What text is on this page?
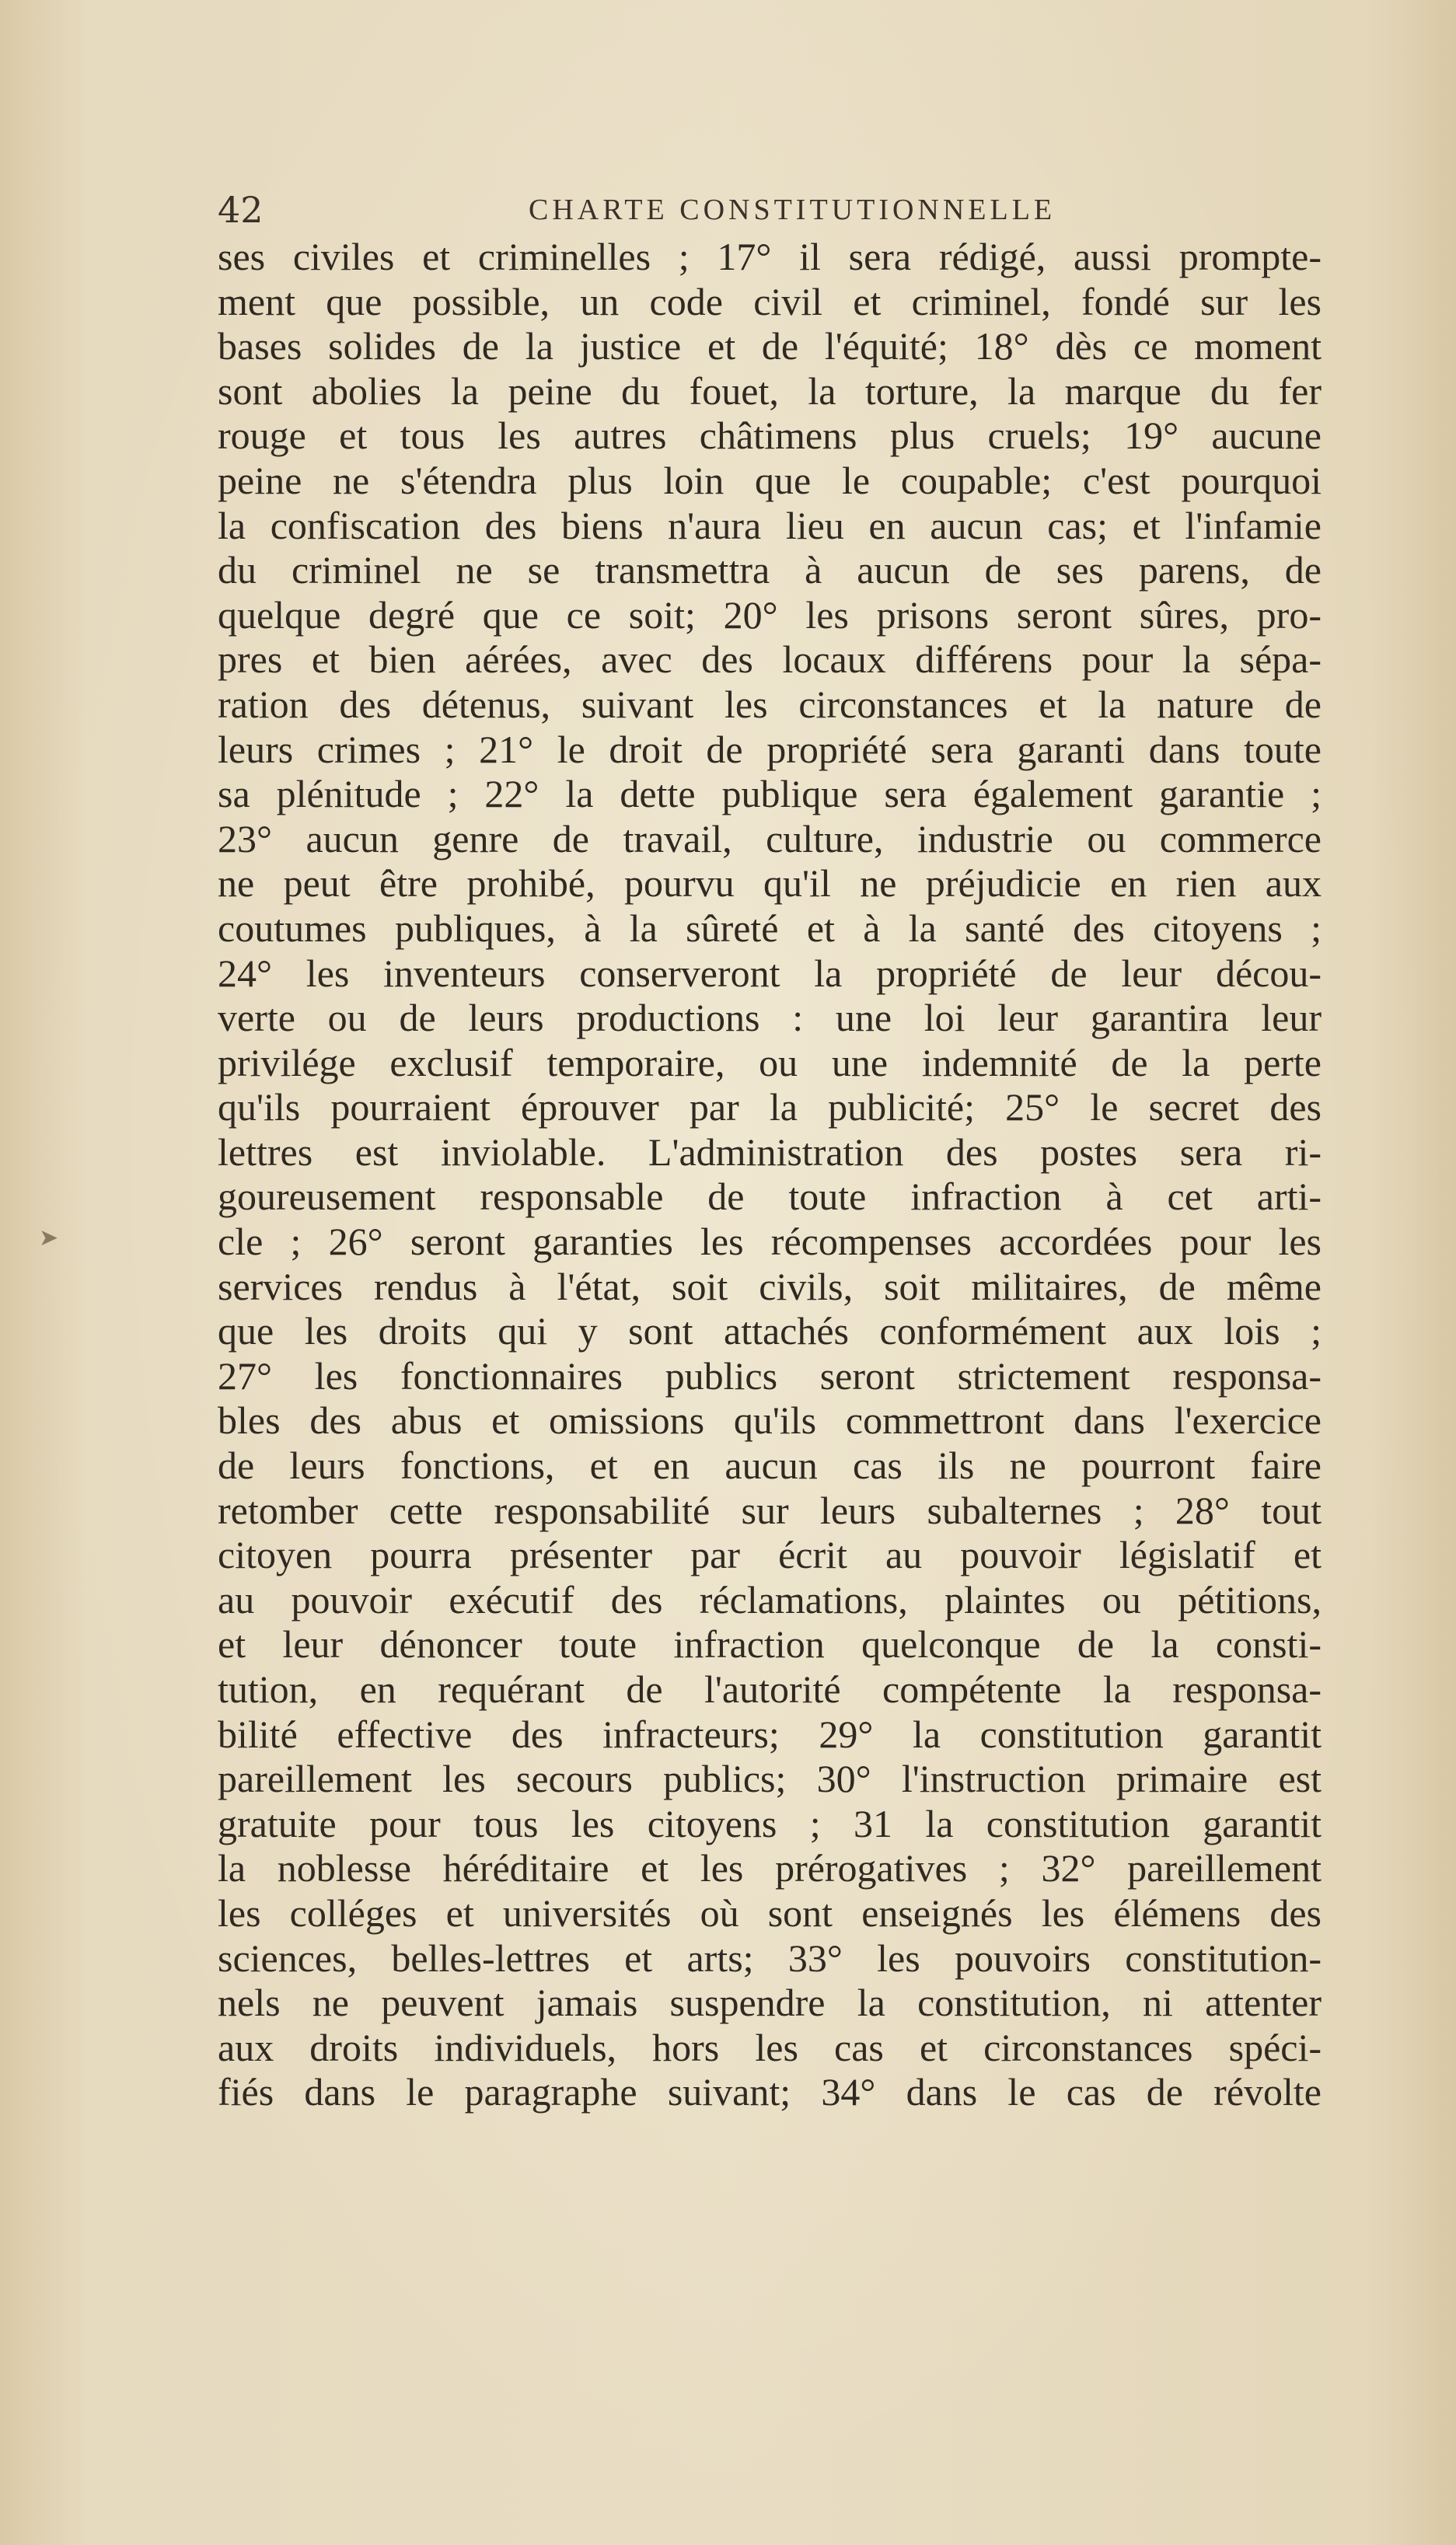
42	CHARTE CONSTITUTIONNELLE
ses civiles et criminelles ; 17° il sera rédigé, aussi prompte-
ment que possible, un code civil et criminel, fondé sur les
bases solides de la justice et de l'équité; 18° dès ce moment
sont abolies la peine du fouet, la torture, la marque du fer
rouge et tous les autres châtimens plus cruels; 19° aucune
peine ne s'étendra plus loin que le coupable; c'est pourquoi
la confiscation des biens n'aura lieu en aucun cas; et l'infamie
du criminel ne se transmettra à aucun de ses parens, de
quelque degré que ce soit; 20° les prisons seront sûres, pro-
pres et bien aérées, avec des locaux différens pour la sépa-
ration des détenus, suivant les circonstances et la nature de
leurs crimes ; 21° le droit de propriété sera garanti dans toute
sa plénitude ; 22° la dette publique sera également garantie ;
23° aucun genre de travail, culture, industrie ou commerce
ne peut être prohibé, pourvu qu'il ne préjudicie en rien aux
coutumes publiques, à la sûreté et à la santé des citoyens ;
24° les inventeurs conserveront la propriété de leur décou-
verte ou de leurs productions : une loi leur garantira leur
privilége exclusif temporaire, ou une indemnité de la perte
qu'ils pourraient éprouver par la publicité; 25° le secret des
lettres est inviolable. L'administration des postes sera ri-
goureusement responsable de toute infraction à cet arti-
cle ; 26° seront garanties les récompenses accordées pour les
services rendus à l'état, soit civils, soit militaires, de même
que les droits qui y sont attachés conformément aux lois ;
27° les fonctionnaires publics seront strictement responsa-
bles des abus et omissions qu'ils commettront dans l'exercice
de leurs fonctions, et en aucun cas ils ne pourront faire
retomber cette responsabilité sur leurs subalternes ; 28° tout
citoyen pourra présenter par écrit au pouvoir législatif et
au pouvoir exécutif des réclamations, plaintes ou pétitions,
et leur dénoncer toute infraction quelconque de la consti-
tution, en requérant de l'autorité compétente la responsa-
bilité effective des infracteurs; 29° la constitution garantit
pareillement les secours publics; 30° l'instruction primaire est
gratuite pour tous les citoyens ; 31 la constitution garantit
la noblesse héréditaire et les prérogatives ; 32° pareillement
les colléges et universités où sont enseignés les élémens des
sciences, belles-lettres et arts; 33° les pouvoirs constitution-
nels ne peuvent jamais suspendre la constitution, ni attenter
aux droits individuels, hors les cas et circonstances spéci-
fiés dans le paragraphe suivant; 34° dans le cas de révolte
➤
